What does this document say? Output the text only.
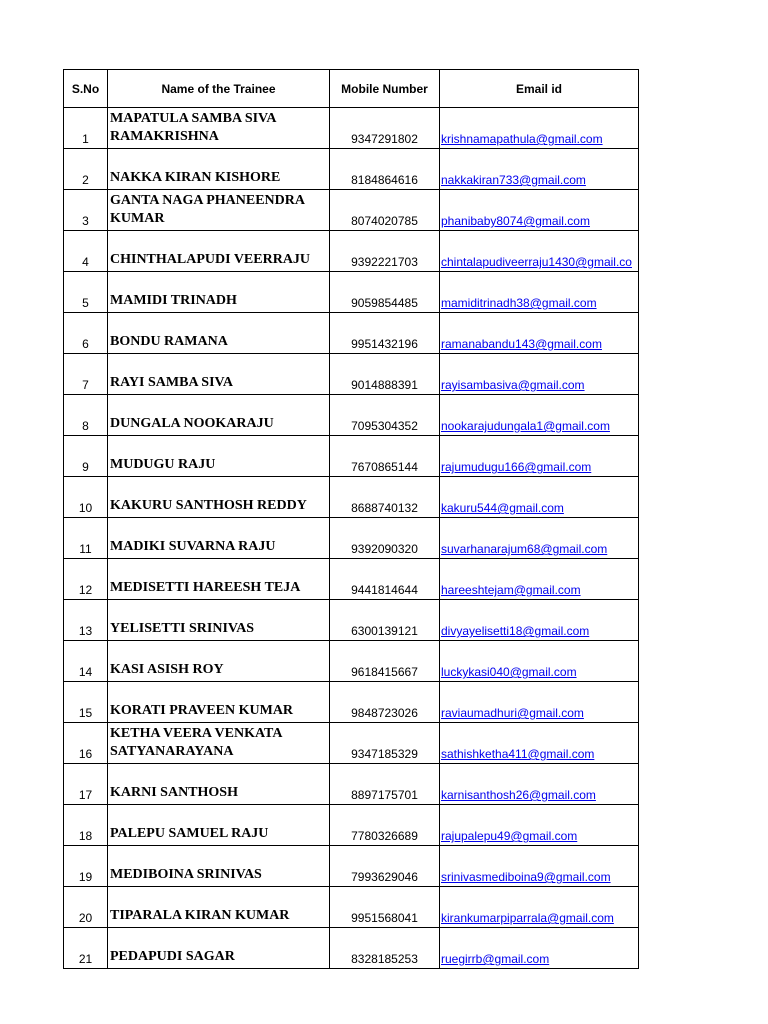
S.No	Name of the Trainee	Mobile Number	Email id
1	MAPATULA SAMBA SIVA RAMAKRISHNA	9347291802	krishnamapathula@gmail.com
2	NAKKA KIRAN KISHORE	8184864616	nakkakiran733@gmail.com
3	GANTA NAGA PHANEENDRA KUMAR	8074020785	phanibaby8074@gmail.com
4	CHINTHALAPUDI VEERRAJU	9392221703	chintalapudiveerraju1430@gmail.co
5	MAMIDI TRINADH	9059854485	mamiditrinadh38@gmail.com
6	BONDU RAMANA	9951432196	ramanabandu143@gmail.com
7	RAYI SAMBA SIVA	9014888391	rayisambasiva@gmail.com
8	DUNGALA NOOKARAJU	7095304352	nookarajudungala1@gmail.com
9	MUDUGU RAJU	7670865144	rajumudugu166@gmail.com
10	KAKURU SANTHOSH REDDY	8688740132	kakuru544@gmail.com
11	MADIKI SUVARNA RAJU	9392090320	suvarhanarajum68@gmail.com
12	MEDISETTI HAREESH TEJA	9441814644	hareeshtejam@gmail.com
13	YELISETTI SRINIVAS	6300139121	divyayelisetti18@gmail.com
14	KASI ASISH ROY	9618415667	luckykasi040@gmail.com
15	KORATI PRAVEEN KUMAR	9848723026	raviaumadhuri@gmail.com
16	KETHA VEERA VENKATA SATYANARAYANA	9347185329	sathishketha411@gmail.com
17	KARNI SANTHOSH	8897175701	karnisanthosh26@gmail.com
18	PALEPU SAMUEL RAJU	7780326689	rajupalepu49@gmail.com
19	MEDIBOINA SRINIVAS	7993629046	srinivasmediboina9@gmail.com
20	TIPARALA KIRAN KUMAR	9951568041	kirankumarpiparrala@gmail.com
21	PEDAPUDI SAGAR	8328185253	ruegirrb@gmail.com
